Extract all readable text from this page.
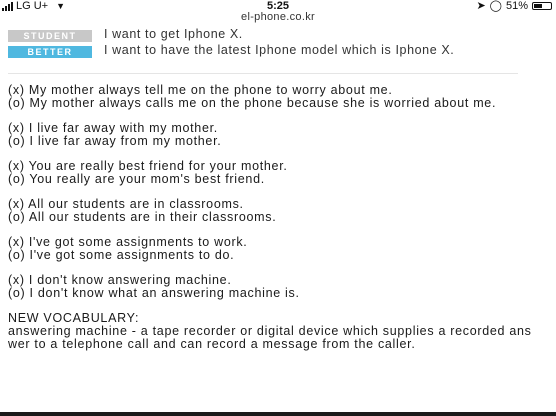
LG U+ ▼	5:25	➤ ◯ 51%
el-phone.co.kr
STUDENT	I want to get Iphone X.
BETTER	I want to have the latest Iphone model which is Iphone X.

(x) My mother always tell me on the phone to worry about me.

(o) My mother always calls me on the phone because she is worried about me.

(x) I live far away with my mother.

(o) I live far away from my mother.

(x) You are really best friend for your mother.

(o) You really are your mom's best friend.

(x) All our students are in classrooms.

(o) All our students are in their classrooms.

(x) I've got some assignments to work.

(o) I've got some assignments to do.

(x) I don't know answering machine.

(o) I don't know what an answering machine is.

NEW VOCABULARY:

answering machine - a tape recorder or digital device which supplies a recorded answer to a telephone call and can record a message from the caller.
